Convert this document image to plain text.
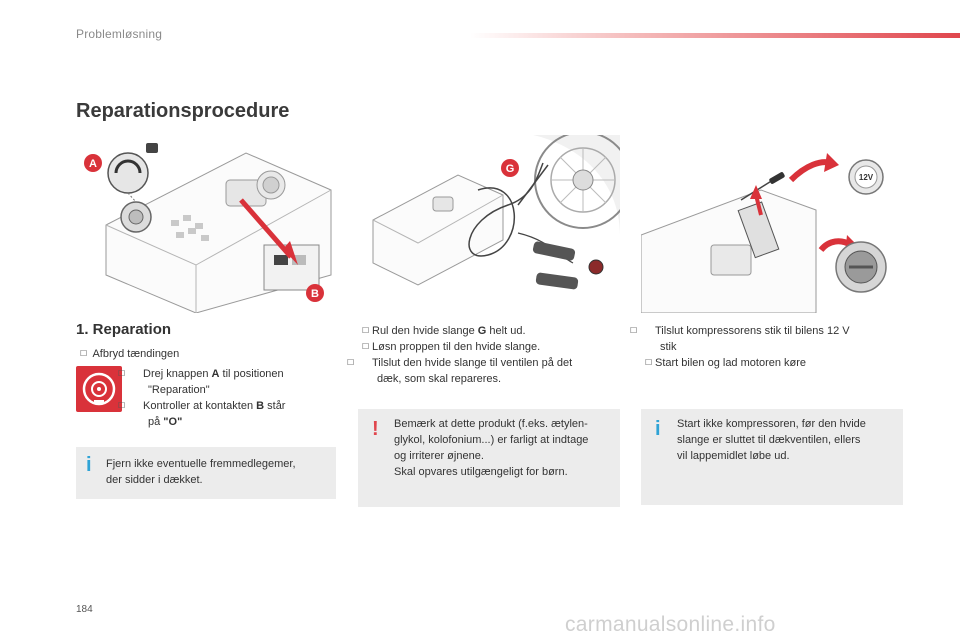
Problemløsning
Reparationsprocedure
A
B
G
12V
1. Reparation
☐ Afbryd tændingen
☐ Drej knappen A til positionen
"Reparation"
☐ Kontroller at kontakten B står
på "O"
i Fjern ikke eventuelle fremmedlegemer,
der sidder i dækket.
☐ Rul den hvide slange G helt ud.
☐ Løsn proppen til den hvide slange.
☐ Tilslut den hvide slange til ventilen på det
dæk, som skal repareres.
! Bemærk at dette produkt (f.eks. ætylen-
glykol, kolofonium...) er farligt at indtage
og irriterer øjnene.
Skal opvares utilgængeligt for børn.
☐ Tilslut kompressorens stik til bilens 12 V
stik
☐ Start bilen og lad motoren køre
i Start ikke kompressoren, før den hvide
slange er sluttet til dækventilen, ellers
vil lappemidlet løbe ud.
184
carmanualsonline.info
